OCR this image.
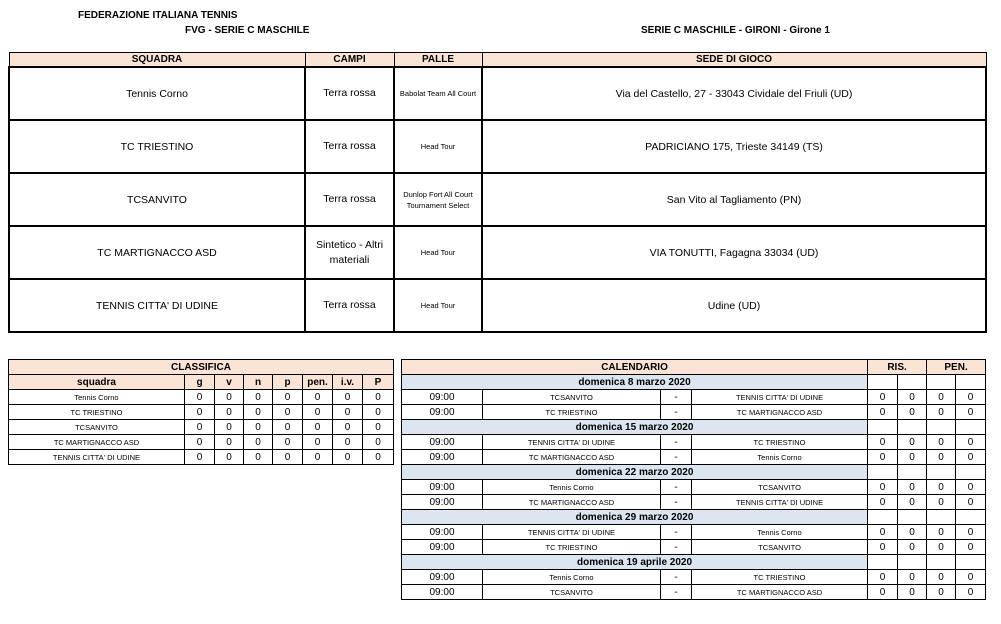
FEDERAZIONE ITALIANA TENNIS
FVG - SERIE C MASCHILE	SERIE C MASCHILE - GIRONI - Girone 1
SQUADRA	CAMPI	PALLE	SEDE DI GIOCO
Tennis Corno	Terra rossa	Babolat Team All Court	Via del Castello, 27 - 33043 Cividale del Friuli (UD)
TC TRIESTINO	Terra rossa	Head Tour	PADRICIANO 175, Trieste 34149 (TS)
TCSANVITO	Terra rossa	Dunlop Fort All Court Tournament Select	San Vito al Tagliamento (PN)
TC MARTIGNACCO ASD	Sintetico - Altri materiali	Head Tour	VIA TONUTTI, Fagagna 33034 (UD)
TENNIS CITTA' DI UDINE	Terra rossa	Head Tour	Udine (UD)
CLASSIFICA							
squadra	g	v	n	p	pen.	i.v.	P
Tennis Corno	0	0	0	0	0	0	0
TC TRIESTINO	0	0	0	0	0	0	0
TCSANVITO	0	0	0	0	0	0	0
TC MARTIGNACCO ASD	0	0	0	0	0	0	0
TENNIS CITTA' DI UDINE	0	0	0	0	0	0	0
CALENDARIO				RIS.		PEN.	
domenica 8 marzo 2020							
09:00	TCSANVITO	-	TENNIS CITTA' DI UDINE	0	0	0	0
09:00	TC TRIESTINO	-	TC MARTIGNACCO ASD	0	0	0	0
domenica 15 marzo 2020							
09:00	TENNIS CITTA' DI UDINE	-	TC TRIESTINO	0	0	0	0
09:00	TC MARTIGNACCO ASD	-	Tennis Corno	0	0	0	0
domenica 22 marzo 2020							
09:00	Tennis Corno	-	TCSANVITO	0	0	0	0
09:00	TC MARTIGNACCO ASD	-	TENNIS CITTA' DI UDINE	0	0	0	0
domenica 29 marzo 2020							
09:00	TENNIS CITTA' DI UDINE	-	Tennis Corno	0	0	0	0
09:00	TC TRIESTINO	-	TCSANVITO	0	0	0	0
domenica 19 aprile 2020							
09:00	Tennis Corno	-	TC TRIESTINO	0	0	0	0
09:00	TCSANVITO	-	TC MARTIGNACCO ASD	0	0	0	0
